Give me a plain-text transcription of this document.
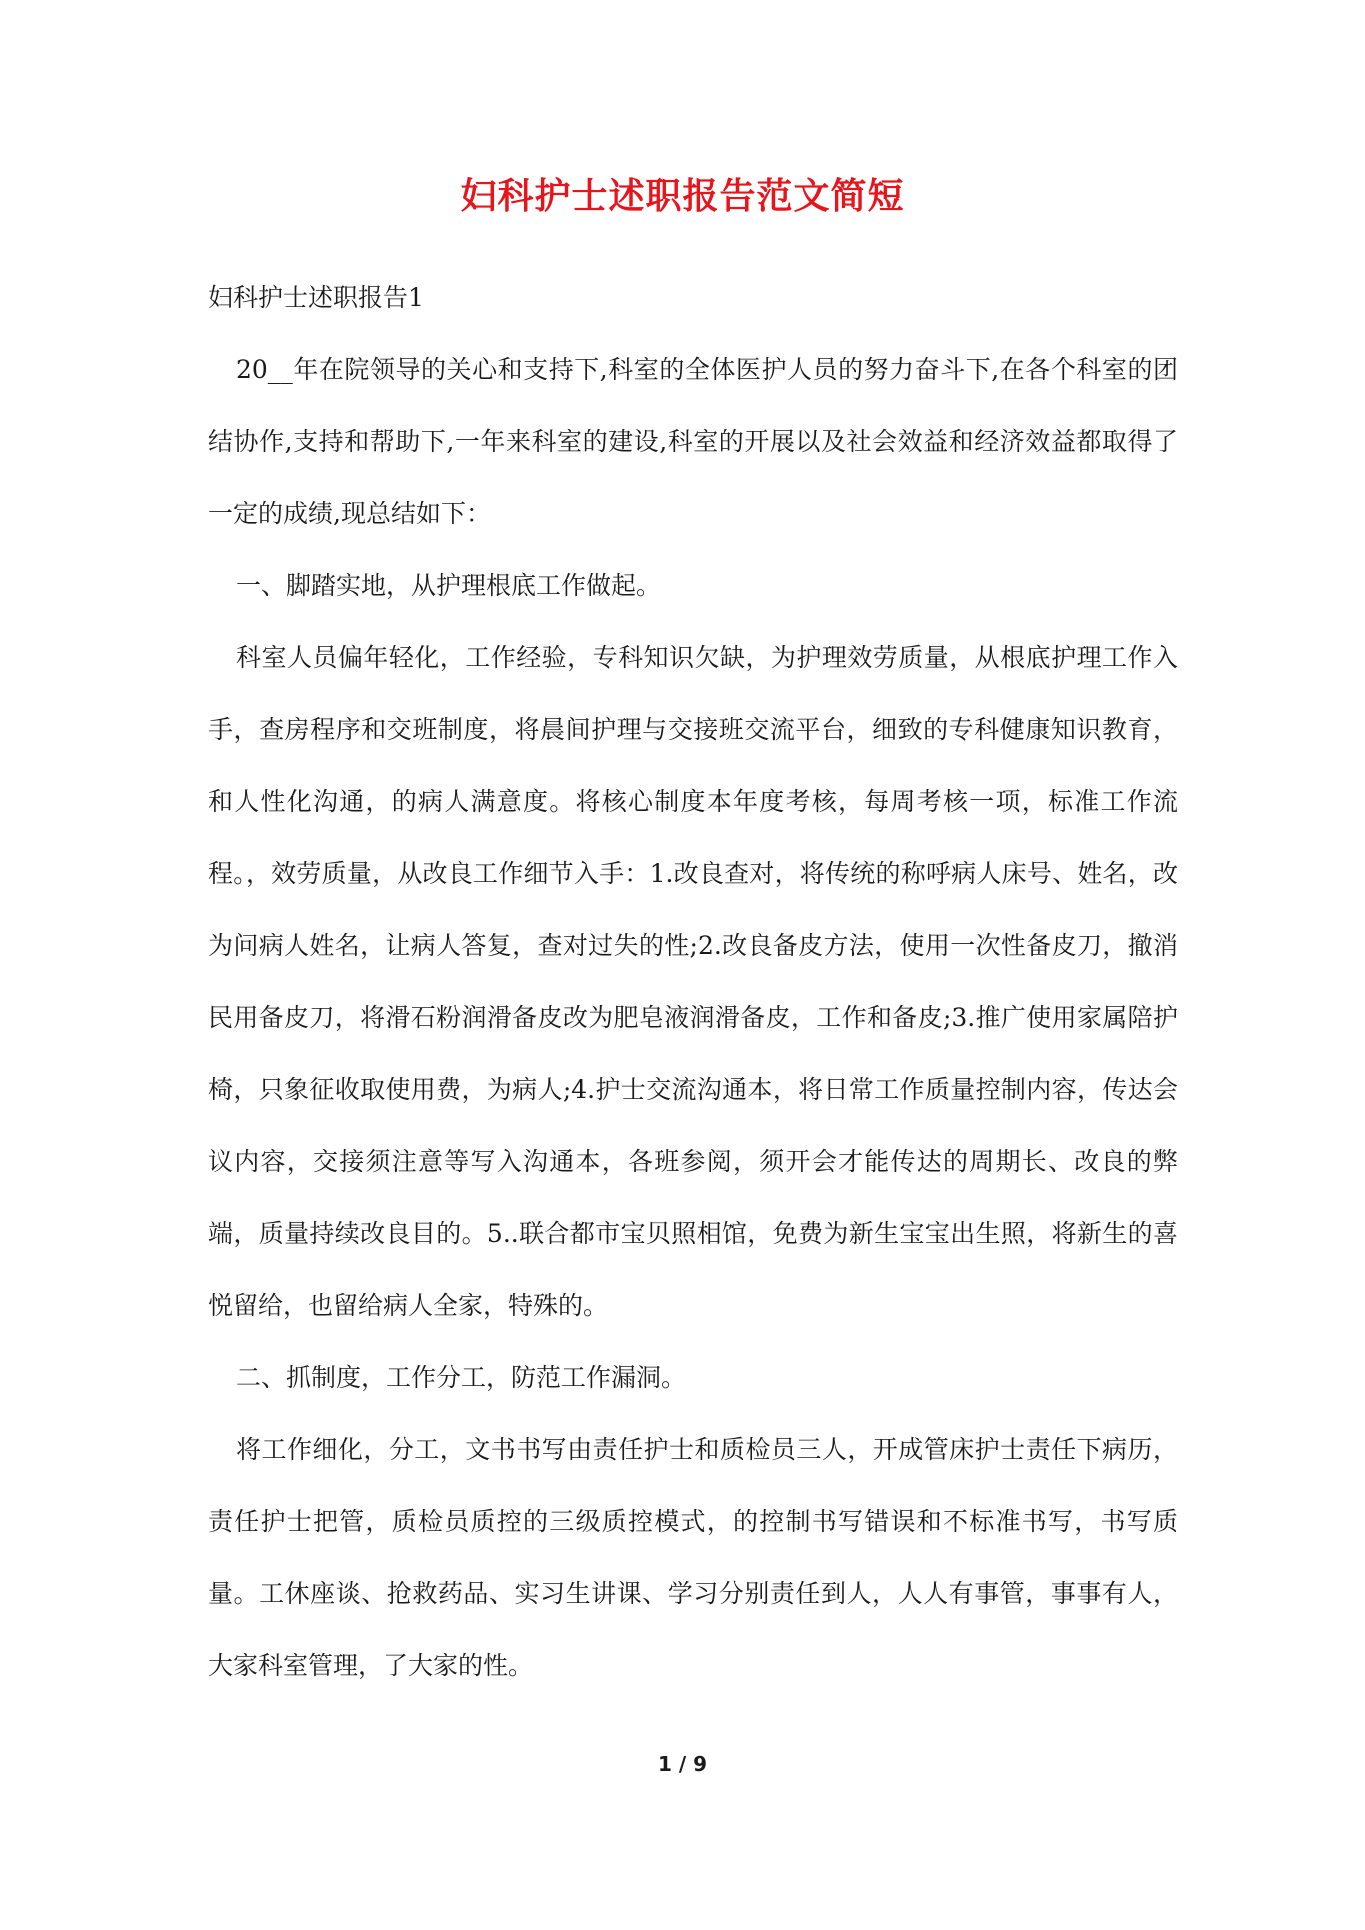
妇科护士述职报告范文简短

妇科护士述职报告1

20__年在院领导的关心和支持下,科室的全体医护人员的努力奋斗下,在各个科室的团结协作,支持和帮助下,一年来科室的建设,科室的开展以及社会效益和经济效益都取得了一定的成绩,现总结如下：

一、脚踏实地，从护理根底工作做起。

科室人员偏年轻化，工作经验，专科知识欠缺，为护理效劳质量，从根底护理工作入手，查房程序和交班制度，将晨间护理与交接班交流平台，细致的专科健康知识教育，和人性化沟通，的病人满意度。将核心制度本年度考核，每周考核一项，标准工作流程。，效劳质量，从改良工作细节入手：1.改良查对，将传统的称呼病人床号、姓名，改为问病人姓名，让病人答复，查对过失的性;2.改良备皮方法，使用一次性备皮刀，撤消民用备皮刀，将滑石粉润滑备皮改为肥皂液润滑备皮，工作和备皮;3.推广使用家属陪护椅，只象征收取使用费，为病人;4.护士交流沟通本，将日常工作质量控制内容，传达会议内容，交接须注意等写入沟通本，各班参阅，须开会才能传达的周期长、改良的弊端，质量持续改良目的。5..联合都市宝贝照相馆，免费为新生宝宝出生照，将新生的喜悦留给，也留给病人全家，特殊的。

二、抓制度，工作分工，防范工作漏洞。

将工作细化，分工，文书书写由责任护士和质检员三人，开成管床护士责任下病历，责任护士把管，质检员质控的三级质控模式，的控制书写错误和不标准书写，书写质量。工休座谈、抢救药品、实习生讲课、学习分别责任到人，人人有事管，事事有人，大家科室管理，了大家的性。

1 / 9
